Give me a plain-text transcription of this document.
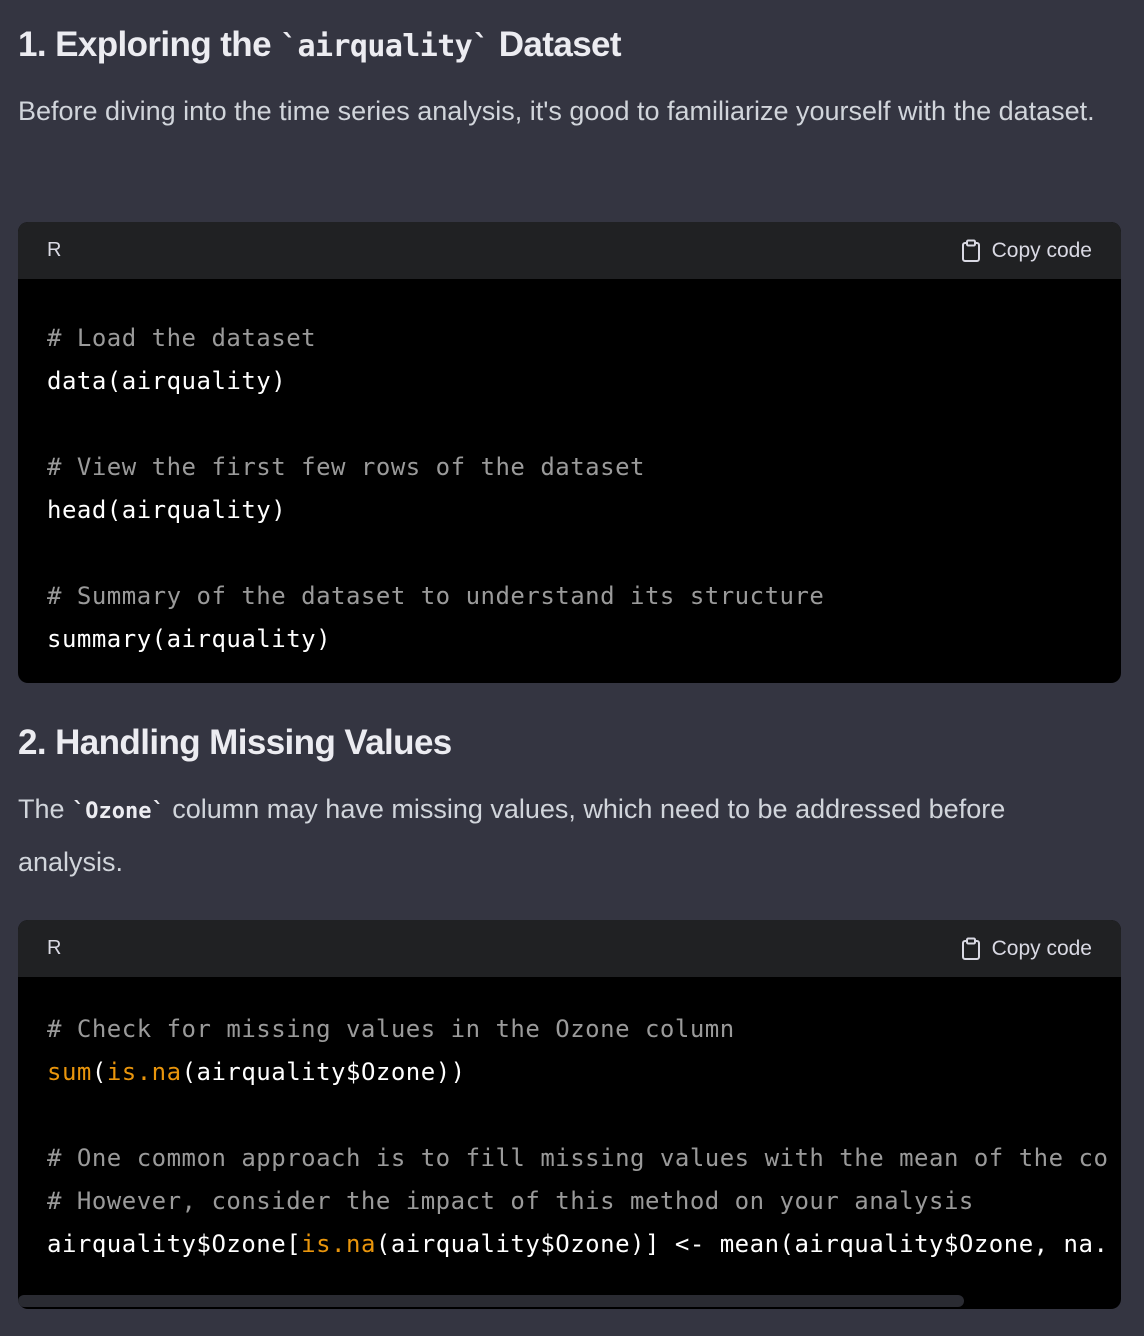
1. Exploring the `airquality` Dataset

Before diving into the time series analysis, it's good to familiarize yourself with the dataset.

R	Copy code
# Load the dataset
data(airquality)
# View the first few rows of the dataset
head(airquality)
# Summary of the dataset to understand its structure
summary(airquality)
2. Handling Missing Values

The `Ozone` column may have missing values, which need to be addressed before analysis.

R	Copy code
# Check for missing values in the Ozone column
sum(is.na(airquality$Ozone))
# One common approach is to fill missing values with the mean of the co
# However, consider the impact of this method on your analysis
airquality$Ozone[is.na(airquality$Ozone)] <- mean(airquality$Ozone, na.
